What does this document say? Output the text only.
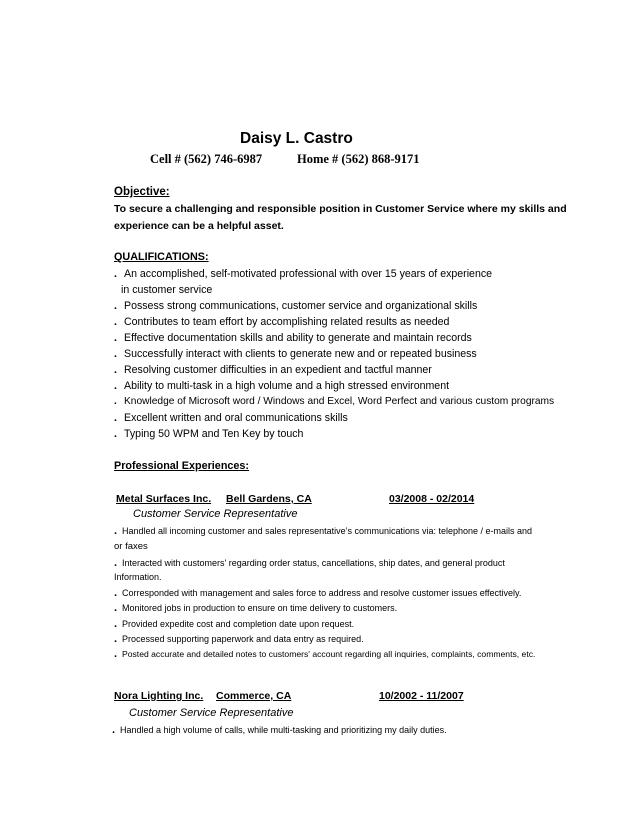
Daisy L. Castro
Cell # (562) 746-6987	Home # (562) 868-9171
Objective:
To secure a challenging and responsible position in Customer Service where my skills and
experience can be a helpful asset.
QUALIFICATIONS:
. An accomplished, self-motivated professional with over 15 years of experience
in customer service
. Possess strong communications, customer service and organizational skills
. Contributes to team effort by accomplishing related results as needed
. Effective documentation skills and ability to generate and maintain records
. Successfully interact with clients to generate new and or repeated business
. Resolving customer difficulties in an expedient and tactful manner
. Ability to multi-task in a high volume and a high stressed environment
. Knowledge of Microsoft word / Windows and Excel, Word Perfect and various custom programs
. Excellent written and oral communications skills
. Typing 50 WPM and Ten Key by touch
Professional Experiences:
Metal Surfaces Inc. Bell Gardens, CA	03/2008 - 02/2014
Customer Service Representative
. Handled all incoming customer and sales representative’s communications via: telephone / e-mails and
or faxes
. Interacted with customers' regarding order status, cancellations, ship dates, and general product
Information.
. Corresponded with management and sales force to address and resolve customer issues effectively.
. Monitored jobs in production to ensure on time delivery to customers.
. Provided expedite cost and completion date upon request.
. Processed supporting paperwork and data entry as required.
. Posted accurate and detailed notes to customers' account regarding all inquiries, complaints, comments, etc.
Nora Lighting Inc. Commerce, CA	10/2002 - 11/2007
Customer Service Representative
. Handled a high volume of calls, while multi-tasking and prioritizing my daily duties.
